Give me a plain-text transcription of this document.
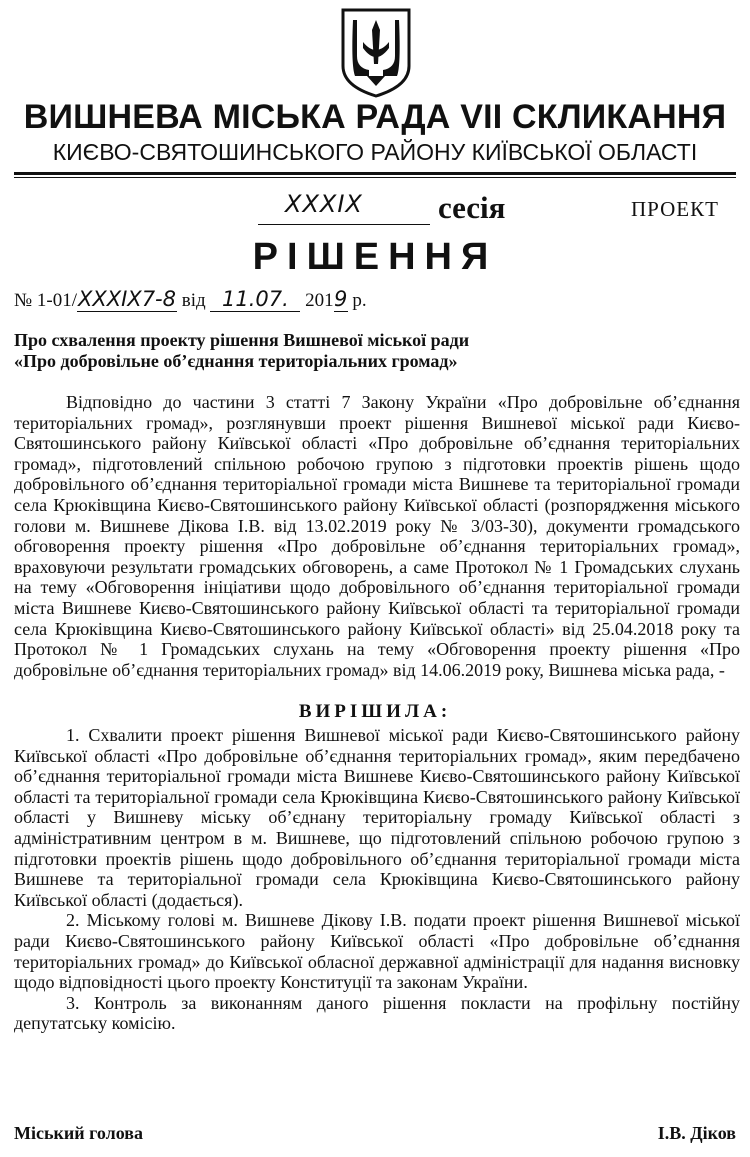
ВИШНЕВА МІСЬКА РАДА VII СКЛИКАННЯ
КИЄВО-СВЯТОШИНСЬКОГО РАЙОНУ КИЇВСЬКОЇ ОБЛАСТІ
XXXIX сесія	ПРОЕКТ
РІШЕННЯ
№ 1-01/XXXIX7-8 від 11.07. 2019 р.
Про схвалення проекту рішення Вишневої міської ради
«Про добровільне об’єднання територіальних громад»

Відповідно до частини 3 статті 7 Закону України «Про добровільне об’єднання територіальних громад», розглянувши проект рішення Вишневої міської ради Києво-Святошинського району Київської області «Про добровільне об’єднання територіальних громад», підготовлений спільною робочою групою з підготовки проектів рішень щодо добровільного об’єднання територіальної громади міста Вишневе та територіальної громади села Крюківщина Києво-Святошинського району Київської області (розпорядження міського голови м. Вишневе Дікова І.В. від 13.02.2019 року № 3/03-30), документи громадського обговорення проекту рішення «Про добровільне об’єднання територіальних громад», враховуючи результати громадських обговорень, а саме Протокол № 1 Громадських слухань на тему «Обговорення ініціативи щодо добровільного об’єднання територіальної громади міста Вишневе Києво-Святошинського району Київської області та територіальної громади села Крюківщина Києво-Святошинського району Київської області» від 25.04.2018 року та Протокол № 1 Громадських слухань на тему «Обговорення проекту рішення «Про добровільне об’єднання територіальних громад» від 14.06.2019 року, Вишнева міська рада, -

ВИРІШИЛА:

1. Схвалити проект рішення Вишневої міської ради Києво-Святошинського району Київської області «Про добровільне об’єднання територіальних громад», яким передбачено об’єднання територіальної громади міста Вишневе Києво-Святошинського району Київської області та територіальної громади села Крюківщина Києво-Святошинського району Київської області у Вишневу міську об’єднану територіальну громаду Київської області з адміністративним центром в м. Вишневе, що підготовлений спільною робочою групою з підготовки проектів рішень щодо добровільного об’єднання територіальної громади міста Вишневе та територіальної громади села Крюківщина Києво-Святошинського району Київської області (додається).

2. Міському голові м. Вишневе Дікову І.В. подати проект рішення Вишневої міської ради Києво-Святошинського району Київської області «Про добровільне об’єднання територіальних громад» до Київської обласної державної адміністрації для надання висновку щодо відповідності цього проекту Конституції та законам України.

3. Контроль за виконанням даного рішення покласти на профільну постійну депутатську комісію.

Міський голова	І.В. Діков
